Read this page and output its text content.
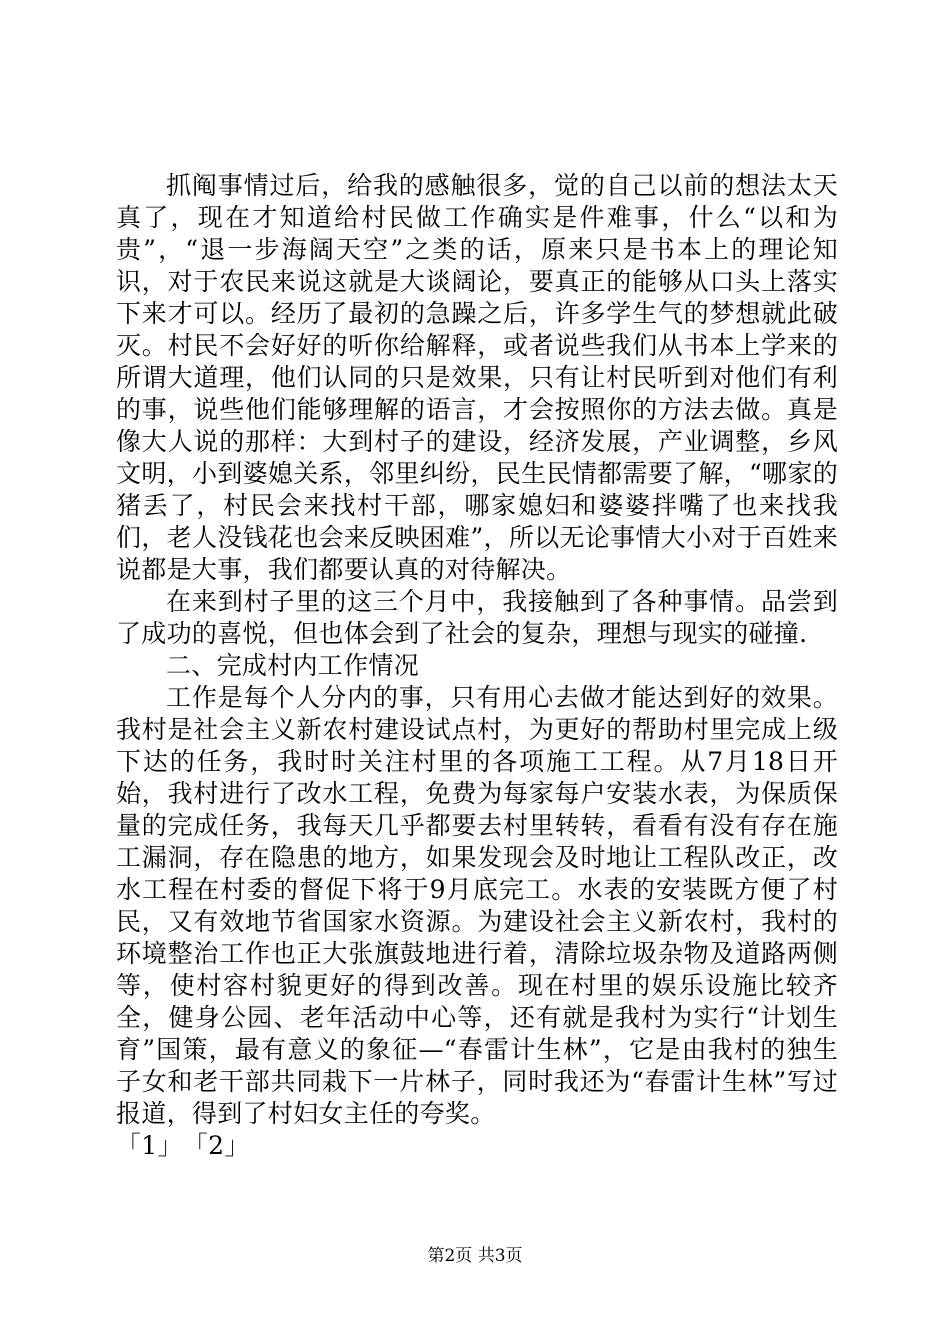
抓阄事情过后，给我的感触很多，觉的自己以前的想法太天真了，现在才知道给村民做工作确实是件难事，什么“以和为贵”，“退一步海阔天空”之类的话，原来只是书本上的理论知识，对于农民来说这就是大谈阔论，要真正的能够从口头上落实下来才可以。经历了最初的急躁之后，许多学生气的梦想就此破灭。村民不会好好的听你给解释，或者说些我们从书本上学来的所谓大道理，他们认同的只是效果，只有让村民听到对他们有利的事，说些他们能够理解的语言，才会按照你的方法去做。真是像大人说的那样：大到村子的建设，经济发展，产业调整，乡风文明，小到婆媳关系，邻里纠纷，民生民情都需要了解，“哪家的猪丢了，村民会来找村干部，哪家媳妇和婆婆拌嘴了也来找我们，老人没钱花也会来反映困难”，所以无论事情大小对于百姓来说都是大事，我们都要认真的对待解决。

在来到村子里的这三个月中，我接触到了各种事情。品尝到了成功的喜悦，但也体会到了社会的复杂，理想与现实的碰撞.

二、完成村内工作情况

工作是每个人分内的事，只有用心去做才能达到好的效果。我村是社会主义新农村建设试点村，为更好的帮助村里完成上级下达的任务，我时时关注村里的各项施工工程。从7月18日开始，我村进行了改水工程，免费为每家每户安装水表，为保质保量的完成任务，我每天几乎都要去村里转转，看看有没有存在施工漏洞，存在隐患的地方，如果发现会及时地让工程队改正，改水工程在村委的督促下将于9月底完工。水表的安装既方便了村民，又有效地节省国家水资源。为建设社会主义新农村，我村的环境整治工作也正大张旗鼓地进行着，清除垃圾杂物及道路两侧等，使村容村貌更好的得到改善。现在村里的娱乐设施比较齐全，健身公园、老年活动中心等，还有就是我村为实行“计划生育”国策，最有意义的象征—“春雷计生林”，它是由我村的独生子女和老干部共同栽下一片林子，同时我还为“春雷计生林”写过报道，得到了村妇女主任的夸奖。

「1」「2」

第2页 共3页
